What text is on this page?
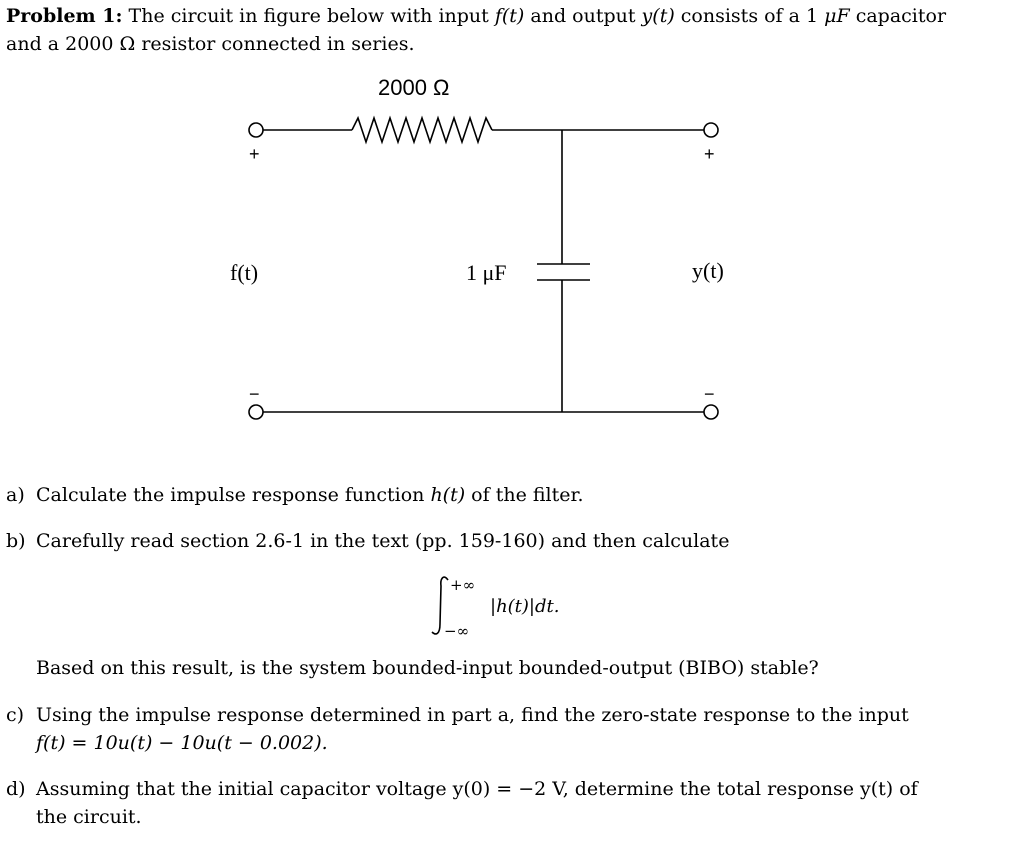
Problem 1: The circuit in figure below with input f(t) and output y(t) consists of a 1 μF capacitor
and a 2000 Ω resistor connected in series.
2000 Ω
1 μF
f(t)	y(t)
+	+
−	−
a) Calculate the impulse response function h(t) of the filter.
b) Carefully read section 2.6-1 in the text (pp. 159-160) and then calculate
+∞
−∞
|h(t)|dt.
Based on this result, is the system bounded-input bounded-output (BIBO) stable?
c) Using the impulse response determined in part a, find the zero-state response to the input
f(t) = 10u(t) − 10u(t − 0.002).
d) Assuming that the initial capacitor voltage y(0) = −2 V, determine the total response y(t) of
the circuit.
